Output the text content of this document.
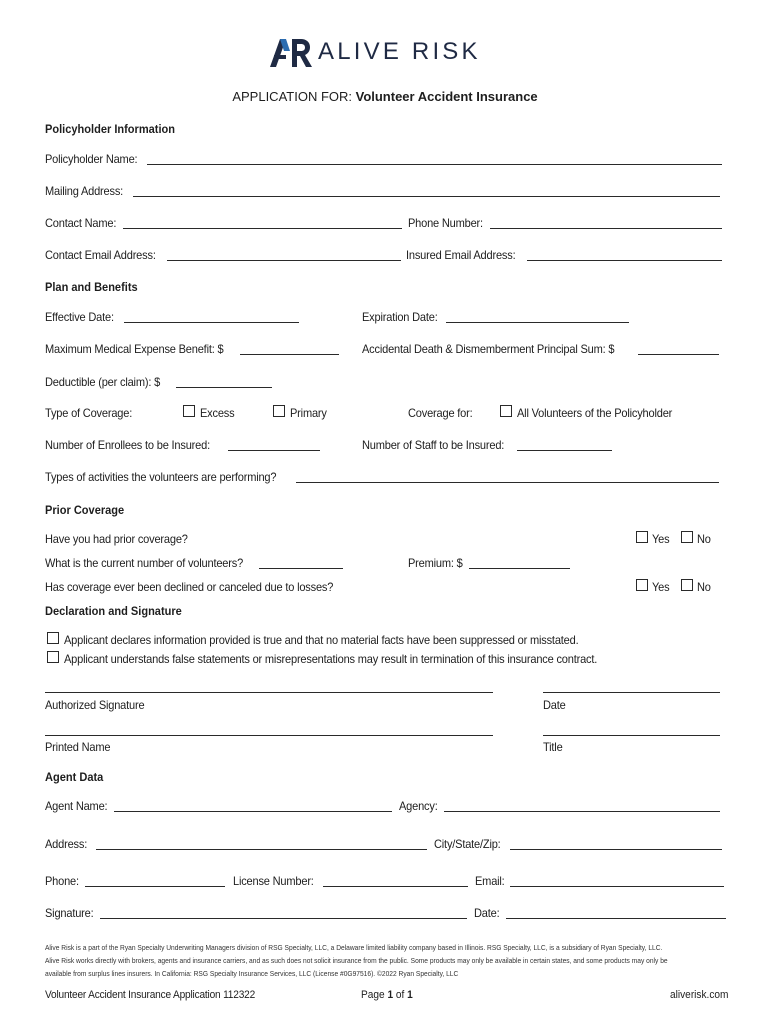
ALIVE RISK
APPLICATION FOR: Volunteer Accident Insurance
Policyholder Information
Policyholder Name:
Mailing Address:
Contact Name:	Phone Number:
Contact Email Address:	Insured Email Address:
Plan and Benefits
Effective Date:	Expiration Date:
Maximum Medical Expense Benefit: $	Accidental Death & Dismemberment Principal Sum: $
Deductible (per claim): $
Type of Coverage:	Excess	Primary	Coverage for:	All Volunteers of the Policyholder
Number of Enrollees to be Insured:	Number of Staff to be Insured:
Types of activities the volunteers are performing?
Prior Coverage
Have you had prior coverage?	Yes No
What is the current number of volunteers?	Premium: $
Has coverage ever been declined or canceled due to losses?	Yes No
Declaration and Signature
Applicant declares information provided is true and that no material facts have been suppressed or misstated.
Applicant understands false statements or misrepresentations may result in termination of this insurance contract.
Authorized Signature	Date
Printed Name	Title
Agent Data
Agent Name:	Agency:
Address:	City/State/Zip:
Phone:	License Number:	Email:
Signature:	Date:
Alive Risk is a part of the Ryan Specialty Underwriting Managers division of RSG Specialty, LLC, a Delaware limited liability company based in Illinois. RSG Specialty, LLC, is a subsidiary of Ryan Specialty, LLC.
Alive Risk works directly with brokers, agents and insurance carriers, and as such does not solicit insurance from the public. Some products may only be available in certain states, and some products may only be
available from surplus lines insurers. In California: RSG Specialty Insurance Services, LLC (License #0G97516). ©2022 Ryan Specialty, LLC
Volunteer Accident Insurance Application 112322	Page 1 of 1	aliverisk.com
